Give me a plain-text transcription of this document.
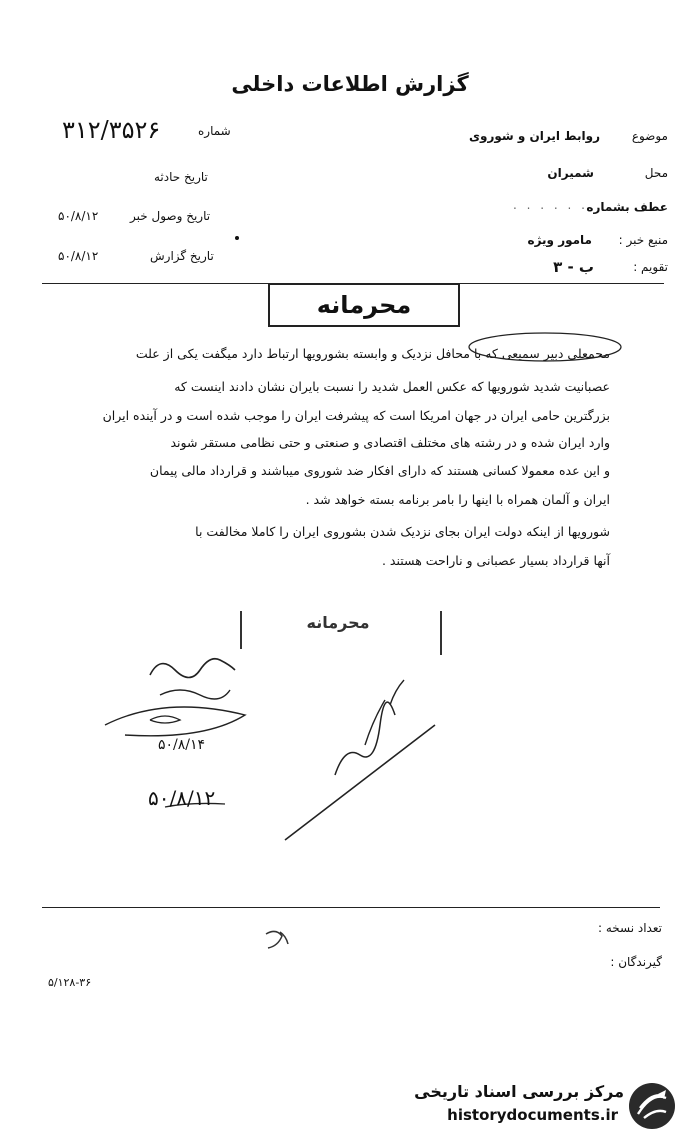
گزارش اطلاعات داخلی
شماره
۳۱۲/۳۵۲۶
تاریخ حادثه
تاریخ وصول خبر
۵۰/۸/۱۲
تاریخ گزارش
۵۰/۸/۱۲
موضوع
روابط ایران و شوروی
محل
شمیران
عطف بشماره
. . . . . .
منبع خبر :
مامور ویژه
تقویم :
ب - ۳
محرمانه
محمعلی دبیر سمیعی که با محافل نزدیک و وابسته بشورویها ارتباط دارد میگفت یکی از علت
عصبانیت شدید شورویها که عکس العمل شدید را نسبت بایران نشان دادند اینست که
بزرگترین حامی ایران در جهان امریکا است که پیشرفت ایران را موجب شده است و در آینده ایران
وارد ایران شده و در رشته های مختلف اقتصادی و صنعتی و حتی نظامی مستقر شوند
و این عده معمولا کسانی هستند که دارای افکار ضد شوروی میباشند و قرارداد مالی پیمان
ایران و آلمان همراه با اینها را بامر برنامه بسته خواهد شد .
شورویها از اینکه دولت ایران بجای نزدیک شدن بشوروی ایران را کاملا مخالفت با
آنها قرارداد بسیار عصبانی و ناراحت هستند .
محرمانه
۵۰/۸/۱۴
۵۰/۸/۱۲
تعداد نسخه :
گیرندگان :
۵/۱۲۸-۳۶
مرکز بررسی اسناد تاریخی
historydocuments.ir
